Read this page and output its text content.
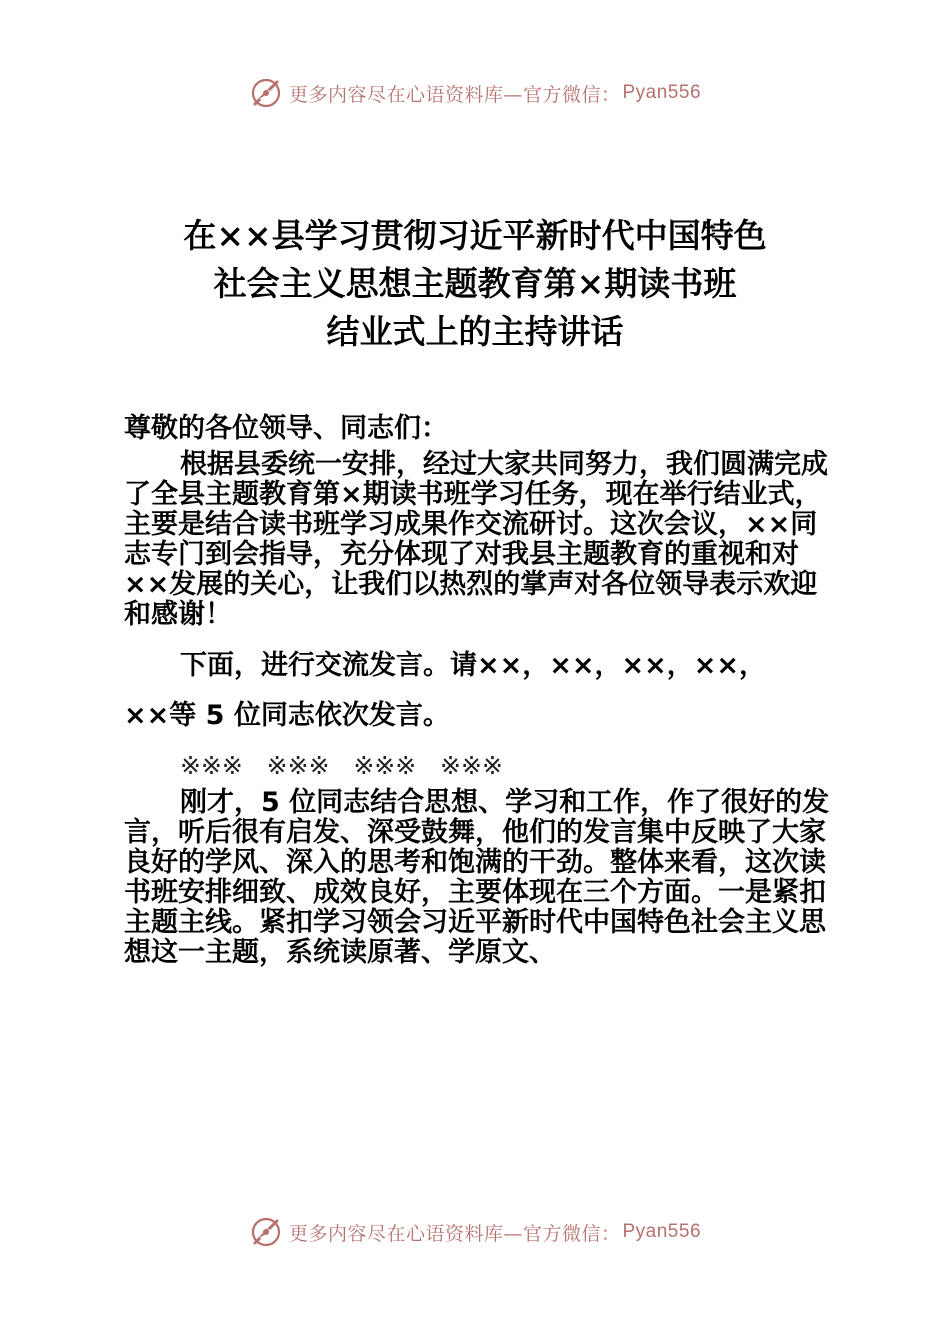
更多内容尽在心语资料库—官方微信： Pyan556
在××县学习贯彻习近平新时代中国特色
社会主义思想主题教育第×期读书班
结业式上的主持讲话

尊敬的各位领导、同志们：

根据县委统一安排，经过大家共同努力，我们圆满完成了全县主题教育第×期读书班学习任务，现在举行结业式，主要是结合读书班学习成果作交流研讨。这次会议，××同志专门到会指导，充分体现了对我县主题教育的重视和对××发展的关心，让我们以热烈的掌声对各位领导表示欢迎和感谢！

下面，进行交流发言。请××，××，××，××，
××等 5 位同志依次发言。

※※※   ※※※   ※※※   ※※※

刚才，5 位同志结合思想、学习和工作，作了很好的发言，听后很有启发、深受鼓舞，他们的发言集中反映了大家良好的学风、深入的思考和饱满的干劲。整体来看，这次读书班安排细致、成效良好，主要体现在三个方面。一是紧扣主题主线。紧扣学习领会习近平新时代中国特色社会主义思想这一主题，系统读原著、学原文、

更多内容尽在心语资料库—官方微信： Pyan556
